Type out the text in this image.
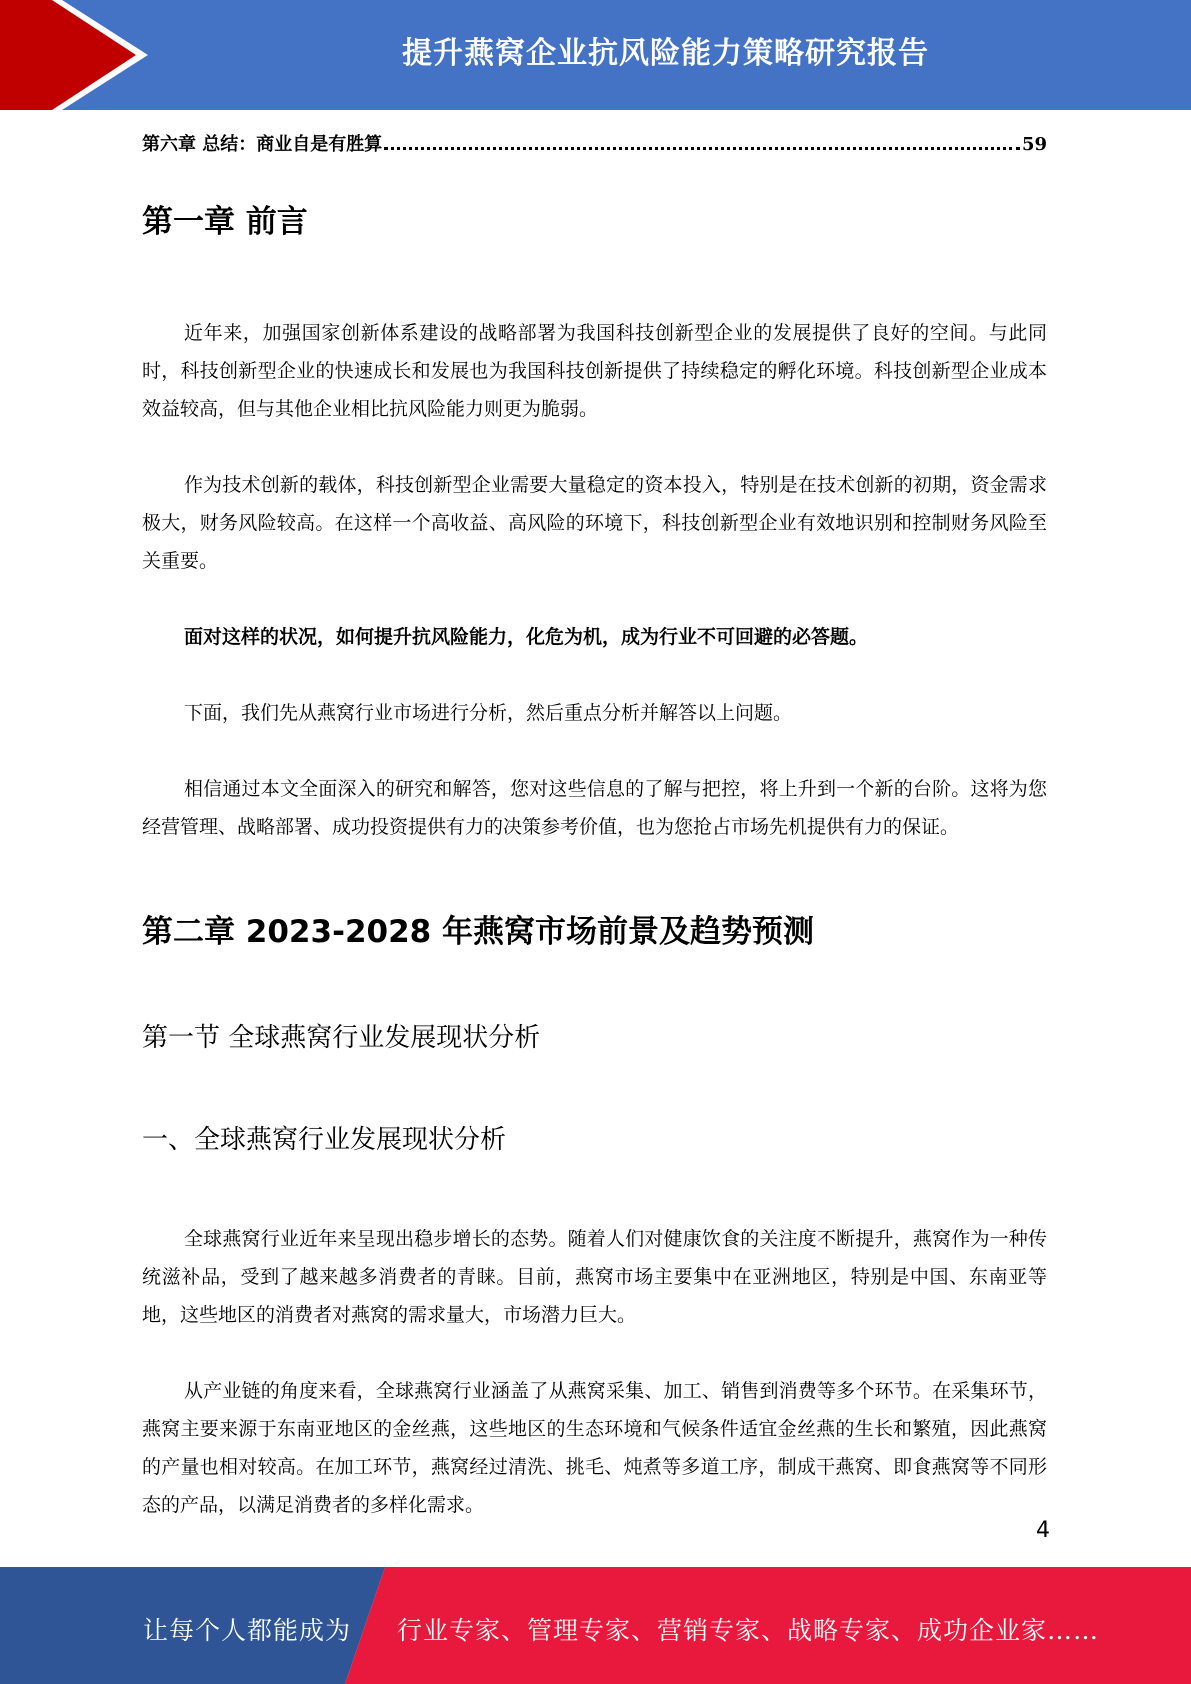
提升燕窝企业抗风险能力策略研究报告
第六章 总结：商业自是有胜算	59
第一章 前言

近年来，加强国家创新体系建设的战略部署为我国科技创新型企业的发展提供了良好的空间。与此同时，科技创新型企业的快速成长和发展也为我国科技创新提供了持续稳定的孵化环境。科技创新型企业成本效益较高，但与其他企业相比抗风险能力则更为脆弱。

作为技术创新的载体，科技创新型企业需要大量稳定的资本投入，特别是在技术创新的初期，资金需求极大，财务风险较高。在这样一个高收益、高风险的环境下，科技创新型企业有效地识别和控制财务风险至关重要。

面对这样的状况，如何提升抗风险能力，化危为机，成为行业不可回避的必答题。

下面，我们先从燕窝行业市场进行分析，然后重点分析并解答以上问题。

相信通过本文全面深入的研究和解答，您对这些信息的了解与把控，将上升到一个新的台阶。这将为您经营管理、战略部署、成功投资提供有力的决策参考价值，也为您抢占市场先机提供有力的保证。

第二章 2023-2028 年燕窝市场前景及趋势预测
第一节 全球燕窝行业发展现状分析
一、全球燕窝行业发展现状分析

全球燕窝行业近年来呈现出稳步增长的态势。随着人们对健康饮食的关注度不断提升，燕窝作为一种传统滋补品，受到了越来越多消费者的青睐。目前，燕窝市场主要集中在亚洲地区，特别是中国、东南亚等地，这些地区的消费者对燕窝的需求量大，市场潜力巨大。

从产业链的角度来看，全球燕窝行业涵盖了从燕窝采集、加工、销售到消费等多个环节。在采集环节，燕窝主要来源于东南亚地区的金丝燕，这些地区的生态环境和气候条件适宜金丝燕的生长和繁殖，因此燕窝的产量也相对较高。在加工环节，燕窝经过清洗、挑毛、炖煮等多道工序，制成干燕窝、即食燕窝等不同形态的产品，以满足消费者的多样化需求。

4
让每个人都能成为 行业专家、管理专家、营销专家、战略专家、成功企业家……
